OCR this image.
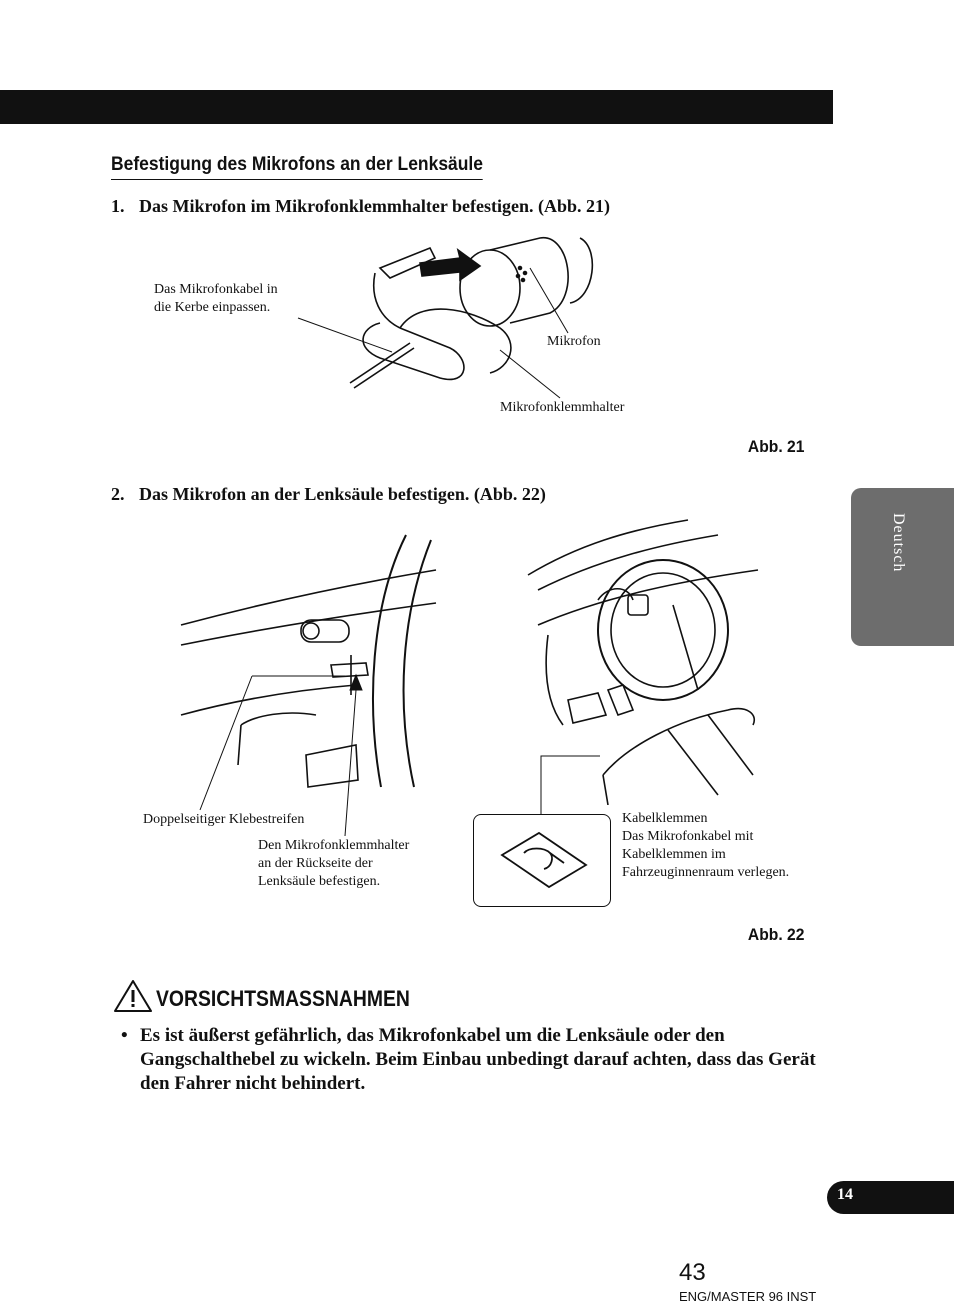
Befestigung des Mikrofons an der Lenksäule
1. Das Mikrofon im Mikrofonklemmhalter befestigen. (Abb. 21)
Das Mikrofonkabel in
die Kerbe einpassen.
Mikrofon
Mikrofonklemmhalter
Abb. 21
2. Das Mikrofon an der Lenksäule befestigen. (Abb. 22)
Doppelseitiger Klebestreifen
Den Mikrofonklemmhalter
an der Rückseite der
Lenksäule befestigen.
Kabelklemmen
Das Mikrofonkabel mit
Kabelklemmen im
Fahrzeuginnenraum verlegen.
Abb. 22
Deutsch
VORSICHTSMASSNAHMEN
• Es ist äußerst gefährlich, das Mikrofonkabel um die Lenksäule oder den Gangschalthebel zu wickeln. Beim Einbau unbedingt darauf achten, dass das Gerät den Fahrer nicht behindert.
14
43
ENG/MASTER 96 INST
